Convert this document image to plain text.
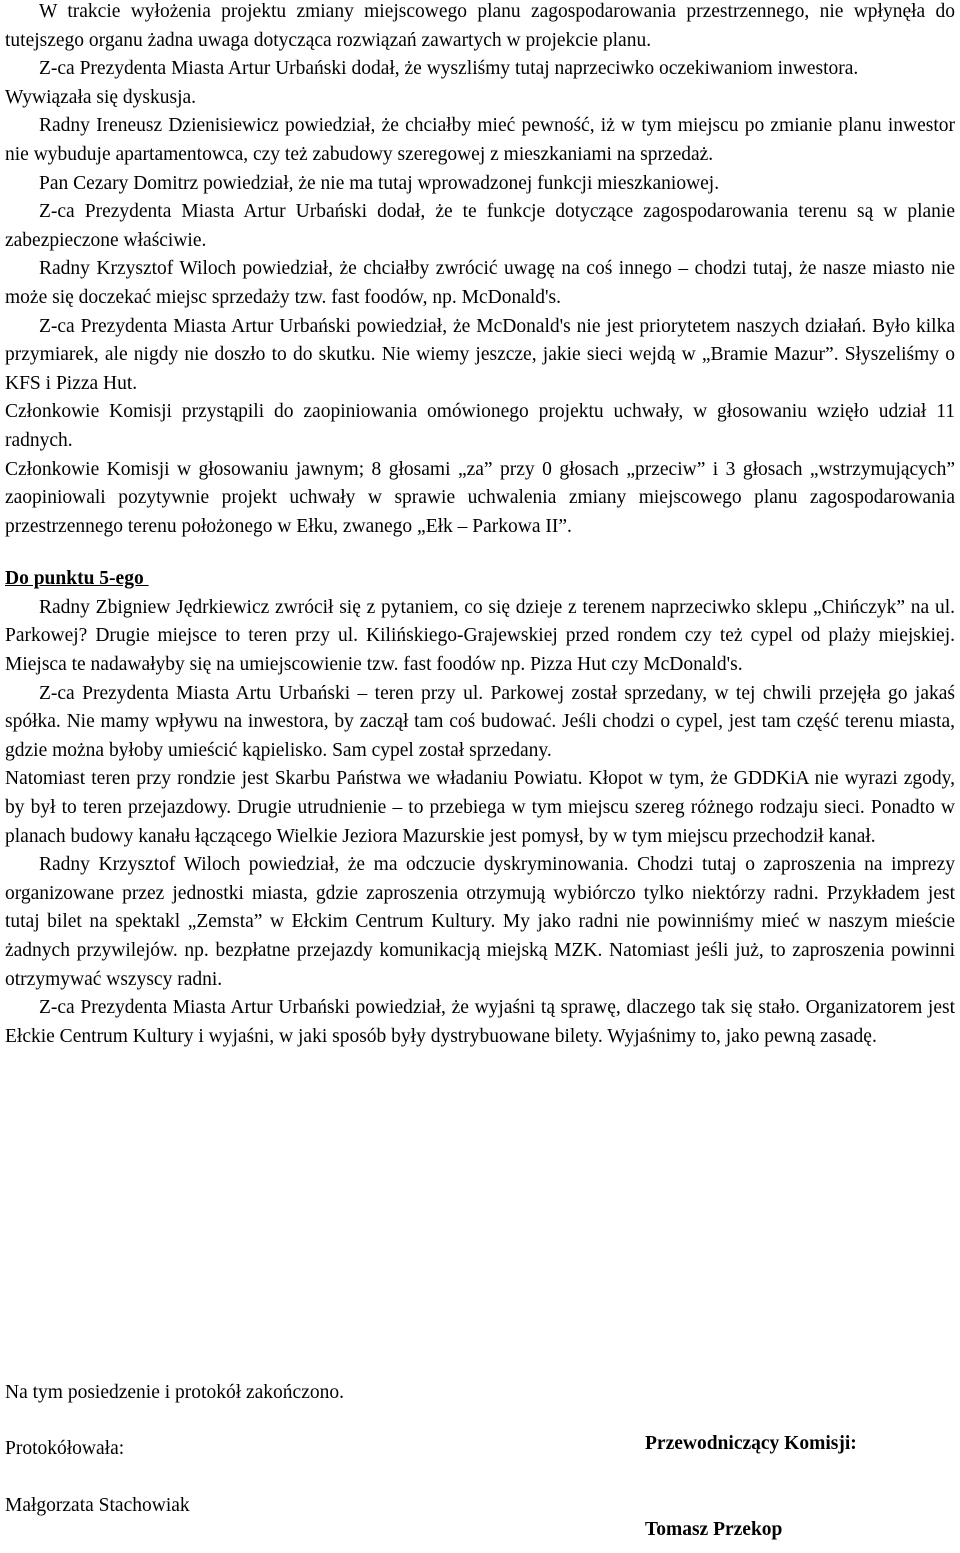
W trakcie wyłożenia projektu zmiany miejscowego planu zagospodarowania przestrzennego, nie wpłynęła do tutejszego organu żadna uwaga dotycząca rozwiązań zawartych w projekcie planu.

Z-ca Prezydenta Miasta Artur Urbański dodał, że wyszliśmy tutaj naprzeciwko oczekiwaniom inwestora.

Wywiązała się dyskusja.

Radny Ireneusz Dzienisiewicz powiedział, że chciałby mieć pewność, iż w tym miejscu po zmianie planu inwestor nie wybuduje apartamentowca, czy też zabudowy szeregowej z mieszkaniami na sprzedaż.

Pan Cezary Domitrz powiedział, że nie ma tutaj wprowadzonej funkcji mieszkaniowej.

Z-ca Prezydenta Miasta Artur Urbański dodał, że te funkcje dotyczące zagospodarowania terenu są w planie zabezpieczone właściwie.

Radny Krzysztof Wiloch powiedział, że chciałby zwrócić uwagę na coś innego – chodzi tutaj, że nasze miasto nie może się doczekać miejsc sprzedaży tzw. fast foodów, np. McDonald's.

Z-ca Prezydenta Miasta Artur Urbański powiedział, że McDonald's nie jest priorytetem naszych działań. Było kilka przymiarek, ale nigdy nie doszło to do skutku. Nie wiemy jeszcze, jakie sieci wejdą w „Bramie Mazur”. Słyszeliśmy o KFS i Pizza Hut.

Członkowie Komisji przystąpili do zaopiniowania omówionego projektu uchwały, w głosowaniu wzięło udział 11 radnych.

Członkowie Komisji w głosowaniu jawnym; 8 głosami „za” przy 0 głosach „przeciw” i 3 głosach „wstrzymujących” zaopiniowali pozytywnie projekt uchwały w sprawie uchwalenia zmiany miejscowego planu zagospodarowania przestrzennego terenu położonego w Ełku, zwanego „Ełk – Parkowa II”.

Do punktu 5-ego

Radny Zbigniew Jędrkiewicz zwrócił się z pytaniem, co się dzieje z terenem naprzeciwko sklepu „Chińczyk” na ul. Parkowej? Drugie miejsce to teren przy ul. Kilińskiego-Grajewskiej przed rondem czy też cypel od plaży miejskiej. Miejsca te nadawałyby się na umiejscowienie tzw. fast foodów np. Pizza Hut czy McDonald's.

Z-ca Prezydenta Miasta Artu Urbański – teren przy ul. Parkowej został sprzedany, w tej chwili przejęła go jakaś spółka. Nie mamy wpływu na inwestora, by zaczął tam coś budować. Jeśli chodzi o cypel, jest tam część terenu miasta, gdzie można byłoby umieścić kąpielisko. Sam cypel został sprzedany.

Natomiast teren przy rondzie jest Skarbu Państwa we władaniu Powiatu. Kłopot w tym, że GDDKiA nie wyrazi zgody, by był to teren przejazdowy. Drugie utrudnienie – to przebiega w tym miejscu szereg różnego rodzaju sieci. Ponadto w planach budowy kanału łączącego Wielkie Jeziora Mazurskie jest pomysł, by w tym miejscu przechodził kanał.

Radny Krzysztof Wiloch powiedział, że ma odczucie dyskryminowania. Chodzi tutaj o zaproszenia na imprezy organizowane przez jednostki miasta, gdzie zaproszenia otrzymują wybiórczo tylko niektórzy radni. Przykładem jest tutaj bilet na spektakl „Zemsta” w Ełckim Centrum Kultury. My jako radni nie powinniśmy mieć w naszym mieście żadnych przywilejów. np. bezpłatne przejazdy komunikacją miejską MZK. Natomiast jeśli już, to zaproszenia powinni otrzymywać wszyscy radni.

Z-ca Prezydenta Miasta Artur Urbański powiedział, że wyjaśni tą sprawę, dlaczego tak się stało. Organizatorem jest Ełckie Centrum Kultury i wyjaśni, w jaki sposób były dystrybuowane bilety. Wyjaśnimy to, jako pewną zasadę.

Na tym posiedzenie i protokół zakończono.

Protokółowała:

Małgorzata Stachowiak

Przewodniczący Komisji:

Tomasz Przekop
